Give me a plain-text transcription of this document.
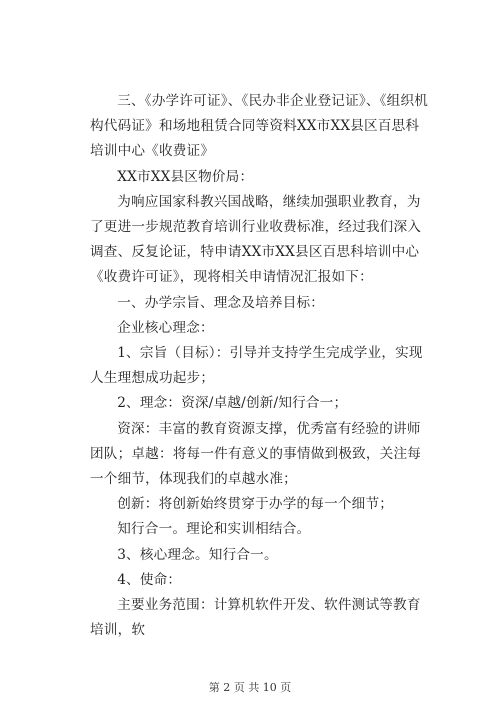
三、《办学许可证》、《民办非企业登记证》、《组织机构代码证》和场地租赁合同等资料XX市XX县区百思科培训中心《收费证》

XX市XX县区物价局：

为响应国家科教兴国战略，继续加强职业教育，为了更进一步规范教育培训行业收费标准，经过我们深入调查、反复论证，特申请XX市XX县区百思科培训中心《收费许可证》，现将相关申请情况汇报如下：

一、办学宗旨、理念及培养目标：

企业核心理念：

1、宗旨（目标）：引导并支持学生完成学业，实现人生理想成功起步；

2、理念：资深/卓越/创新/知行合一；

资深：丰富的教育资源支撑，优秀富有经验的讲师团队；卓越：将每一件有意义的事情做到极致，关注每一个细节，体现我们的卓越水准；

创新：将创新始终贯穿于办学的每一个细节；

知行合一。理论和实训相结合。

3、核心理念。知行合一。

4、使命：

主要业务范围：计算机软件开发、软件测试等教育培训，软

第 2 页 共 10 页
